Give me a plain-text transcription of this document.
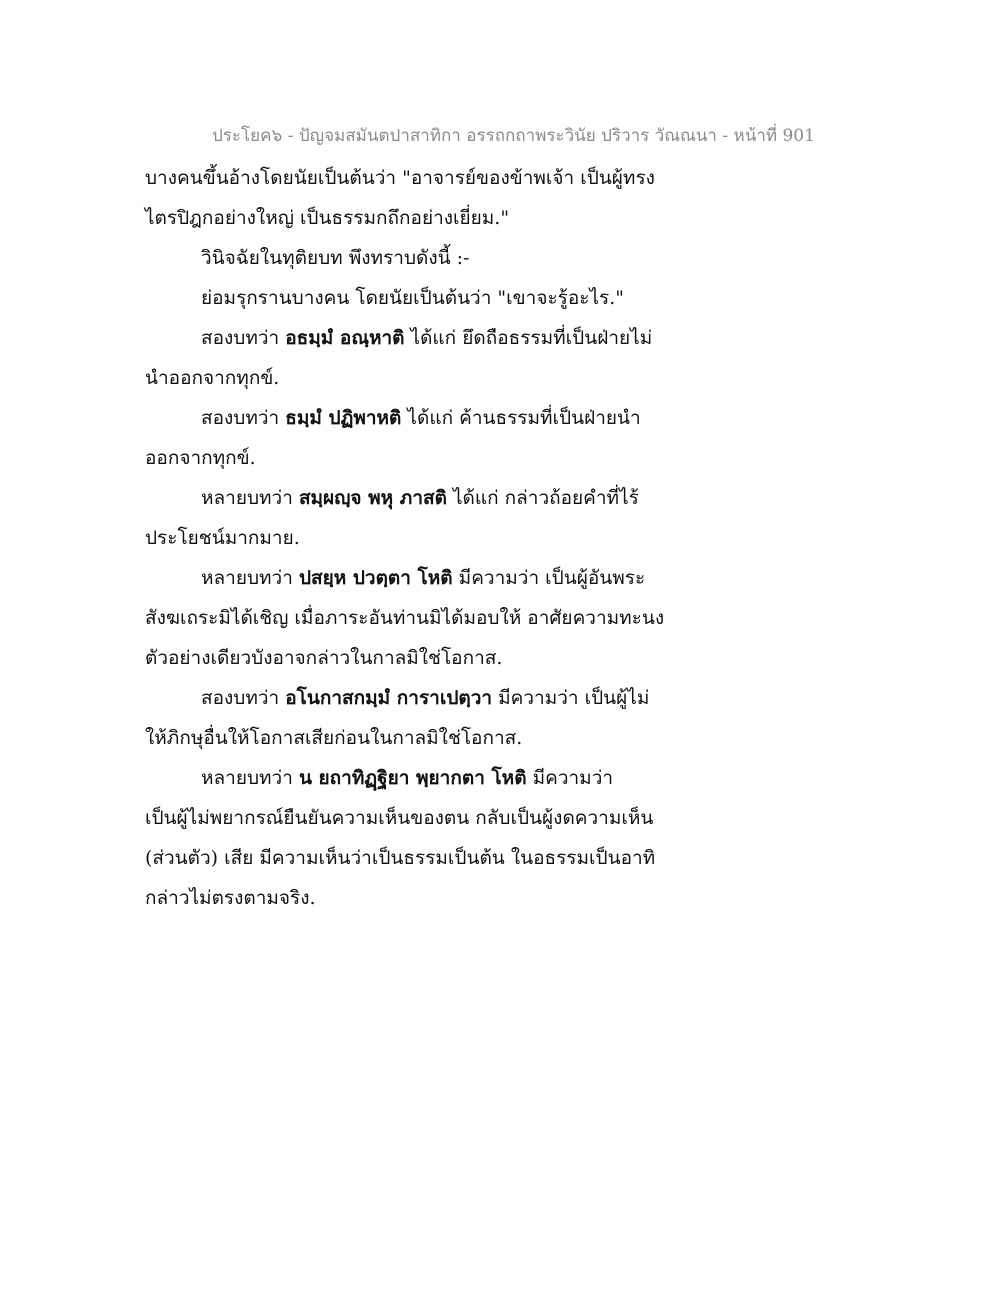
ประโยค๖ - ปัญจมสมันตปาสาทิกา อรรถกถาพระวินัย ปริวาร วัณณนา - หน้าที่ 901
บางคนขึ้นอ้างโดยนัยเป็นต้นว่า "อาจารย์ของข้าพเจ้า เป็นผู้ทรง
ไตรปิฎกอย่างใหญ่ เป็นธรรมกถึกอย่างเยี่ยม."
วินิจฉัยในทุติยบท พึงทราบดังนี้ :-
ย่อมรุกรานบางคน โดยนัยเป็นต้นว่า "เขาจะรู้อะไร."
สองบทว่า อธมฺมํ อณฺหาติ ได้แก่ ยึดถือธรรมที่เป็นฝ่ายไม่
นำออกจากทุกข์.
สองบทว่า ธมฺมํ ปฏิพาหติ ได้แก่ ค้านธรรมที่เป็นฝ่ายนำ
ออกจากทุกข์.
หลายบทว่า สมฺผญฺจ พหุ ภาสติ ได้แก่ กล่าวถ้อยคำที่ไร้
ประโยชน์มากมาย.
หลายบทว่า ปสยฺห ปวตฺตา โหติ มีความว่า เป็นผู้อันพระ
สังฆเถระมิได้เชิญ เมื่อภาระอันท่านมิได้มอบให้ อาศัยความทะนง
ตัวอย่างเดียวบังอาจกล่าวในกาลมิใช่โอกาส.
สองบทว่า อโนกาสกมฺมํ การาเปตฺวา มีความว่า เป็นผู้ไม่
ให้ภิกษุอื่นให้โอกาสเสียก่อนในกาลมิใช่โอกาส.
หลายบทว่า น ยถาทิฏฺฐิยา พฺยากตา โหติ มีความว่า
เป็นผู้ไม่พยากรณ์ยืนยันความเห็นของตน กลับเป็นผู้งดความเห็น
(ส่วนตัว) เสีย มีความเห็นว่าเป็นธรรมเป็นต้น ในอธรรมเป็นอาทิ
กล่าวไม่ตรงตามจริง.
